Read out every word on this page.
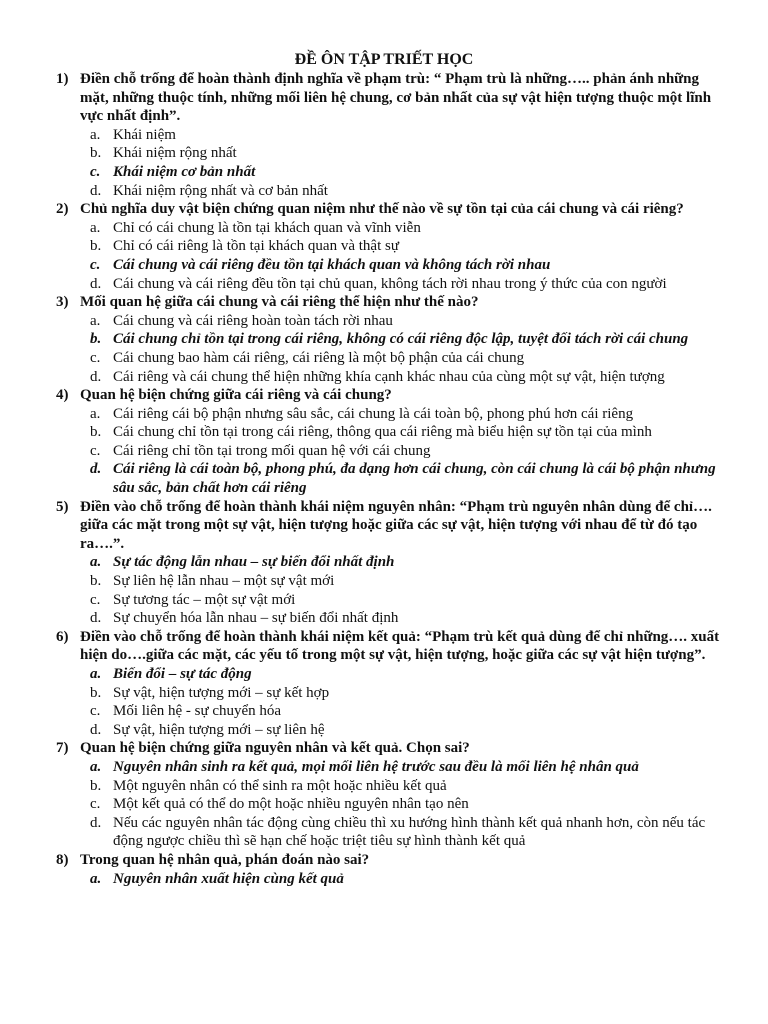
ĐỀ ÔN TẬP TRIẾT HỌC
1) Điền chỗ trống để hoàn thành định nghĩa về phạm trù: “ Phạm trù là những….. phản ánh những mặt, những thuộc tính, những mối liên hệ chung, cơ bản nhất của sự vật hiện tượng thuộc một lĩnh vực nhất định”.
a. Khái niệm
b. Khái niệm rộng nhất
c. Khái niệm cơ bản nhất
d. Khái niệm rộng nhất và cơ bản nhất
2) Chủ nghĩa duy vật biện chứng quan niệm như thế nào về sự tồn tại của cái chung và cái riêng?
a. Chỉ có cái chung là tồn tại khách quan và vĩnh viễn
b. Chỉ có cái riêng là tồn tại khách quan và thật sự
c. Cái chung và cái riêng đều tồn tại khách quan và không tách rời nhau
d. Cái chung và cái riêng đều tồn tại chủ quan, không tách rời nhau trong ý thức của con người
3) Mối quan hệ giữa cái chung và cái riêng thể hiện như thế nào?
a. Cái chung và cái riêng hoàn toàn tách rời nhau
b. Cái chung chỉ tồn tại trong cái riêng, không có cái riêng độc lập, tuyệt đối tách rời cái chung
c. Cái chung bao hàm cái riêng, cái riêng là một bộ phận của cái chung
d. Cái riêng và cái chung thể hiện những khía cạnh khác nhau của cùng một sự vật, hiện tượng
4) Quan hệ biện chứng giữa cái riêng và cái chung?
a. Cái riêng cái bộ phận nhưng sâu sắc, cái chung là cái toàn bộ, phong phú hơn cái riêng
b. Cái chung chỉ tồn tại trong cái riêng, thông qua cái riêng mà biểu hiện sự tồn tại của mình
c. Cái riêng chỉ tồn tại trong mối quan hệ với cái chung
d. Cái riêng là cái toàn bộ, phong phú, đa dạng hơn cái chung, còn cái chung là cái bộ phận nhưng sâu sắc, bản chất hơn cái riêng
5) Điền vào chỗ trống để hoàn thành khái niệm nguyên nhân: “Phạm trù nguyên nhân dùng để chỉ…. giữa các mặt trong một sự vật, hiện tượng hoặc giữa các sự vật, hiện tượng với nhau để từ đó tạo ra….”.
a. Sự tác động lẫn nhau – sự biến đổi nhất định
b. Sự liên hệ lẫn nhau – một sự vật mới
c. Sự tương tác – một sự vật mới
d. Sự chuyển hóa lẫn nhau – sự biến đổi nhất định
6) Điền vào chỗ trống để hoàn thành khái niệm kết quả: “Phạm trù kết quả dùng để chỉ những…. xuất hiện do….giữa các mặt, các yếu tố trong một sự vật, hiện tượng, hoặc giữa các sự vật hiện tượng”.
a. Biến đổi – sự tác động
b. Sự vật, hiện tượng mới – sự kết hợp
c. Mối liên hệ - sự chuyển hóa
d. Sự vật, hiện tượng mới – sự liên hệ
7) Quan hệ biện chứng giữa nguyên nhân và kết quả. Chọn sai?
a. Nguyên nhân sinh ra kết quả, mọi mối liên hệ trước sau đều là mối liên hệ nhân quả
b. Một nguyên nhân có thể sinh ra một hoặc nhiều kết quả
c. Một kết quả có thể do một hoặc nhiều nguyên nhân tạo nên
d. Nếu các nguyên nhân tác động cùng chiều thì xu hướng hình thành kết quả nhanh hơn, còn nếu tác động ngược chiều thì sẽ hạn chế hoặc triệt tiêu sự hình thành kết quả
8) Trong quan hệ nhân quả, phán đoán nào sai?
a. Nguyên nhân xuất hiện cùng kết quả
